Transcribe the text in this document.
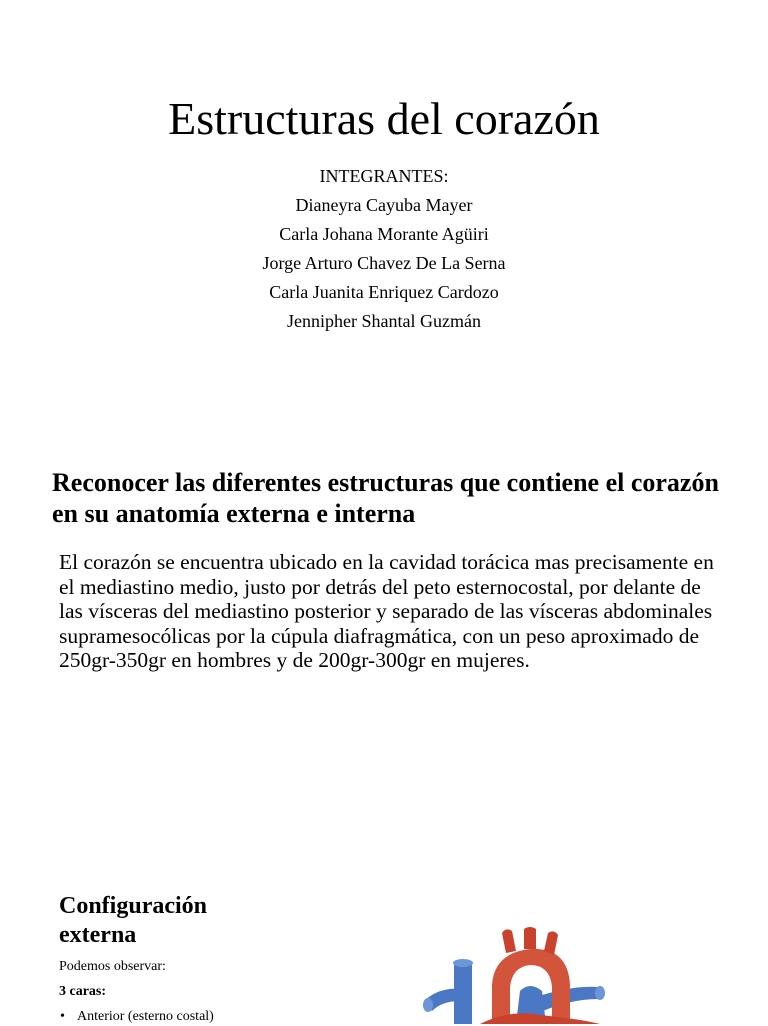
Estructuras del corazón
INTEGRANTES:
Dianeyra Cayuba Mayer
Carla Johana Morante Agüiri
Jorge Arturo Chavez De La Serna
Carla Juanita Enriquez Cardozo
Jennipher Shantal Guzmán
Reconocer las diferentes estructuras que contiene el corazón en su anatomía externa e interna

El corazón se encuentra ubicado en la cavidad torácica mas precisamente en el mediastino medio, justo por detrás del peto esternocostal, por delante de las vísceras del mediastino posterior y separado de las vísceras abdominales supramesocólicas por la cúpula diafragmática, con un peso aproximado de 250gr-350gr en hombres y de 200gr-300gr en mujeres.

Configuración externa
Podemos observar:
3 caras:
• Anterior (esterno costal)
